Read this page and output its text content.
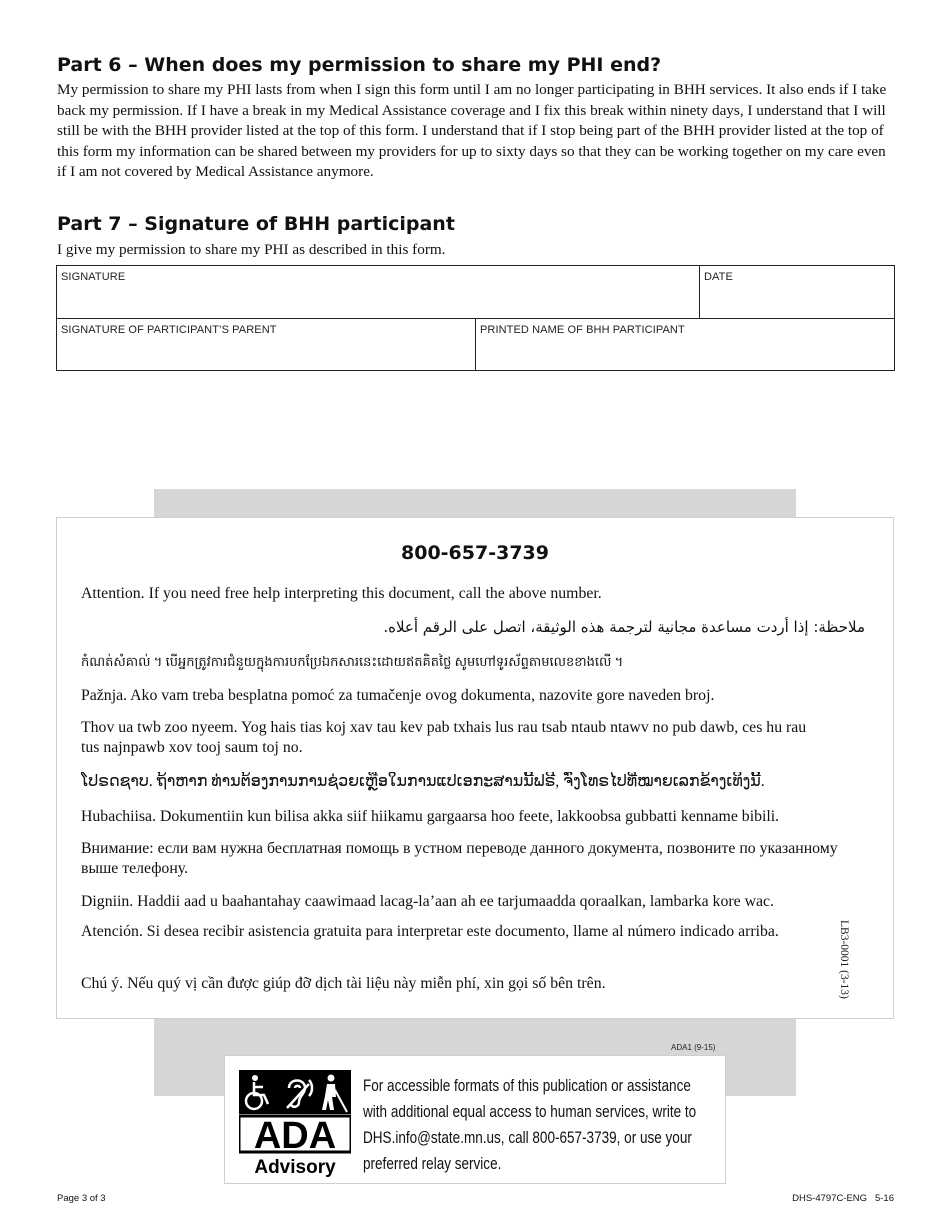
Part 6 – When does my permission to share my PHI end?

My permission to share my PHI lasts from when I sign this form until I am no longer participating in BHH services. It also ends if I take back my permission. If I have a break in my Medical Assistance coverage and I fix this break within ninety days, I understand that I will still be with the BHH provider listed at the top of this form. I understand that if I stop being part of the BHH provider listed at the top of this form my information can be shared between my providers for up to sixty days so that they can be working together on my care even if I am not covered by Medical Assistance anymore.

Part 7 – Signature of BHH participant

I give my permission to share my PHI as described in this form.

SIGNATURE	DATE
SIGNATURE OF PARTICIPANT’S PARENT	PRINTED NAME OF BHH PARTICIPANT
800-657-3739

Attention. If you need free help interpreting this document, call the above number.

ملاحظة: إذا أردت مساعدة مجانية لترجمة هذه الوثيقة، اتصل على الرقم أعلاه.

កំណត់សំគាល់ ។ បើអ្នកត្រូវការជំនួយក្នុងការបកប្រែឯកសារនេះដោយឥតគិតថ្លៃ សូមហៅទូរស័ព្ទតាមលេខខាងលើ ។

Pažnja. Ako vam treba besplatna pomoć za tumačenje ovog dokumenta, nazovite gore naveden broj.

Thov ua twb zoo nyeem. Yog hais tias koj xav tau kev pab txhais lus rau tsab ntaub ntawv no pub dawb, ces hu rau tus najnpawb xov tooj saum toj no.

ໂປຣດຊາບ. ຖ້າຫາກ ທ່ານຕ້ອງການການຊ່ວຍເຫຼືອໃນການແປເອກະສານນີ້ຟຣີ, ຈົ່ງໂທຣໄປທີ່ໝາຍເລກຂ້າງເທິງນີ້.

Hubachiisa. Dokumentiin kun bilisa akka siif hiikamu gargaarsa hoo feete, lakkoobsa gubbatti kenname bibili.

Внимание: если вам нужна бесплатная помощь в устном переводе данного документа, позвоните по указанному выше телефону.

Digniin. Haddii aad u baahantahay caawimaad lacag-la’aan ah ee tarjumaadda qoraalkan, lambarka kore wac.

Atención. Si desea recibir asistencia gratuita para interpretar este documento, llame al número indicado arriba.

Chú ý. Nếu quý vị cần được giúp đỡ dịch tài liệu này miễn phí, xin gọi số bên trên.	LB3-0001 (3-13)
ADA1 (9-15)
ADA
Advisory

For accessible formats of this publication or assistance with additional equal access to human services, write to DHS.info@state.mn.us, call 800-657-3739, or use your preferred relay service.

Page 3 of 3	DHS-4797C-ENG   5-16
